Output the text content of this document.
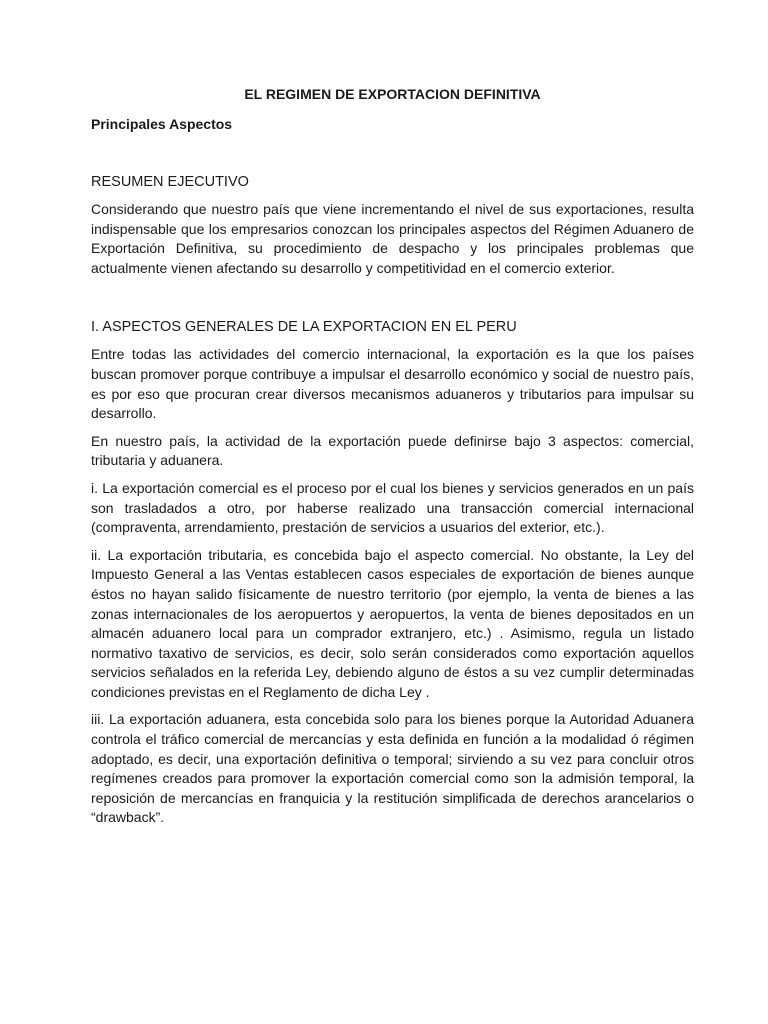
EL REGIMEN DE EXPORTACION DEFINITIVA
Principales Aspectos
RESUMEN EJECUTIVO

Considerando que nuestro país que viene incrementando el nivel de sus exportaciones, resulta indispensable que los empresarios conozcan los principales aspectos del Régimen Aduanero de Exportación Definitiva, su procedimiento de despacho y los principales problemas que actualmente vienen afectando su desarrollo y competitividad en el comercio exterior.

I. ASPECTOS GENERALES DE LA EXPORTACION EN EL PERU

Entre todas las actividades del comercio internacional, la exportación es la que los países buscan promover porque contribuye a impulsar el desarrollo económico y social de nuestro país, es por eso que procuran crear diversos mecanismos aduaneros y tributarios para impulsar su desarrollo.

En nuestro país, la actividad de la exportación puede definirse bajo 3 aspectos: comercial, tributaria y aduanera.

i. La exportación comercial es el proceso por el cual los bienes y servicios generados en un país son trasladados a otro, por haberse realizado una transacción comercial internacional (compraventa, arrendamiento, prestación de servicios a usuarios del exterior, etc.).

ii. La exportación tributaria, es concebida bajo el aspecto comercial. No obstante, la Ley del Impuesto General a las Ventas establecen casos especiales de exportación de bienes aunque éstos no hayan salido físicamente de nuestro territorio (por ejemplo, la venta de bienes a las zonas internacionales de los aeropuertos y aeropuertos, la venta de bienes depositados en un almacén aduanero local para un comprador extranjero, etc.) . Asimismo, regula un listado normativo taxativo de servicios, es decir, solo serán considerados como exportación aquellos servicios señalados en la referida Ley, debiendo alguno de éstos a su vez cumplir determinadas condiciones previstas en el Reglamento de dicha Ley .

iii. La exportación aduanera, esta concebida solo para los bienes porque la Autoridad Aduanera controla el tráfico comercial de mercancías y esta definida en función a la modalidad ó régimen adoptado, es decir, una exportación definitiva o temporal; sirviendo a su vez para concluir otros regímenes creados para promover la exportación comercial como son la admisión temporal, la reposición de mercancías en franquicia y la restitución simplificada de derechos arancelarios o “drawback”.
